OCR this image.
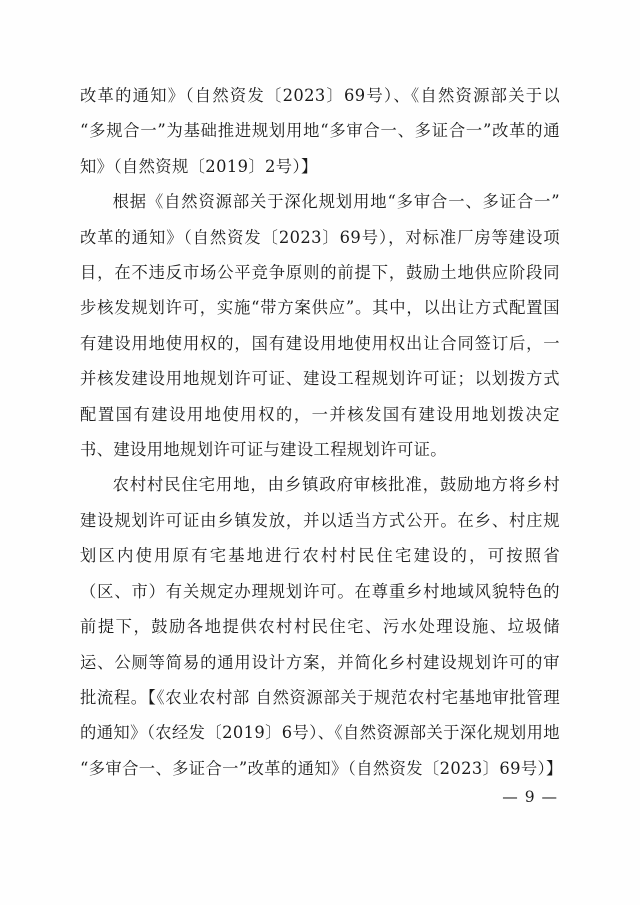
改革的通知》（自然资发〔2023〕69号）、《自然资源部关于以“多规合一”为基础推进规划用地“多审合一、多证合一”改革的通知》（自然资规〔2019〕2号）】

根据《自然资源部关于深化规划用地“多审合一、多证合一”改革的通知》（自然资发〔2023〕69号），对标准厂房等建设项目，在不违反市场公平竞争原则的前提下，鼓励土地供应阶段同步核发规划许可，实施“带方案供应”。其中，以出让方式配置国有建设用地使用权的，国有建设用地使用权出让合同签订后，一并核发建设用地规划许可证、建设工程规划许可证；以划拨方式配置国有建设用地使用权的，一并核发国有建设用地划拨决定书、建设用地规划许可证与建设工程规划许可证。

农村村民住宅用地，由乡镇政府审核批准，鼓励地方将乡村建设规划许可证由乡镇发放，并以适当方式公开。在乡、村庄规划区内使用原有宅基地进行农村村民住宅建设的，可按照省（区、市）有关规定办理规划许可。在尊重乡村地域风貌特色的前提下，鼓励各地提供农村村民住宅、污水处理设施、垃圾储运、公厕等简易的通用设计方案，并简化乡村建设规划许可的审批流程。【《农业农村部 自然资源部关于规范农村宅基地审批管理的通知》（农经发〔2019〕6号）、《自然资源部关于深化规划用地“多审合一、多证合一”改革的通知》（自然资发〔2023〕69号）】

— 9 —
